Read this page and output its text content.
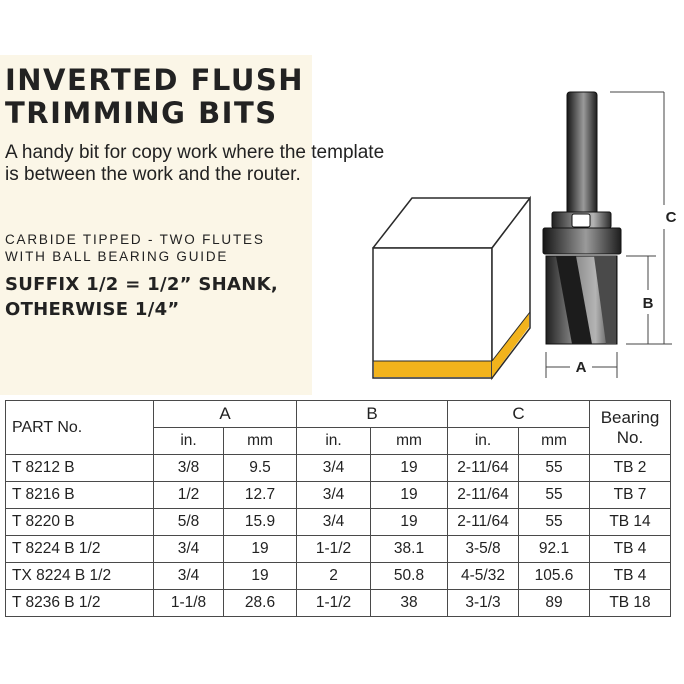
INVERTED FLUSH
TRIMMING BITS

A handy bit for copy work where the template
is between the work and the router.

CARBIDE TIPPED - TWO FLUTES
WITH BALL BEARING GUIDE
SUFFIX 1/2 = 1/2” SHANK,
OTHERWISE 1/4”
C
B
A
PART No.	A		B		C		Bearing
No.
	in.	mm	in.	mm	in.	mm	
T 8212 B	3/8	9.5	3/4	19	2-11/64	55	TB 2
T 8216 B	1/2	12.7	3/4	19	2-11/64	55	TB 7
T 8220 B	5/8	15.9	3/4	19	2-11/64	55	TB 14
T 8224 B 1/2	3/4	19	1-1/2	38.1	3-5/8	92.1	TB 4
TX 8224 B 1/2	3/4	19	2	50.8	4-5/32	105.6	TB 4
T 8236 B 1/2	1-1/8	28.6	1-1/2	38	3-1/3	89	TB 18
